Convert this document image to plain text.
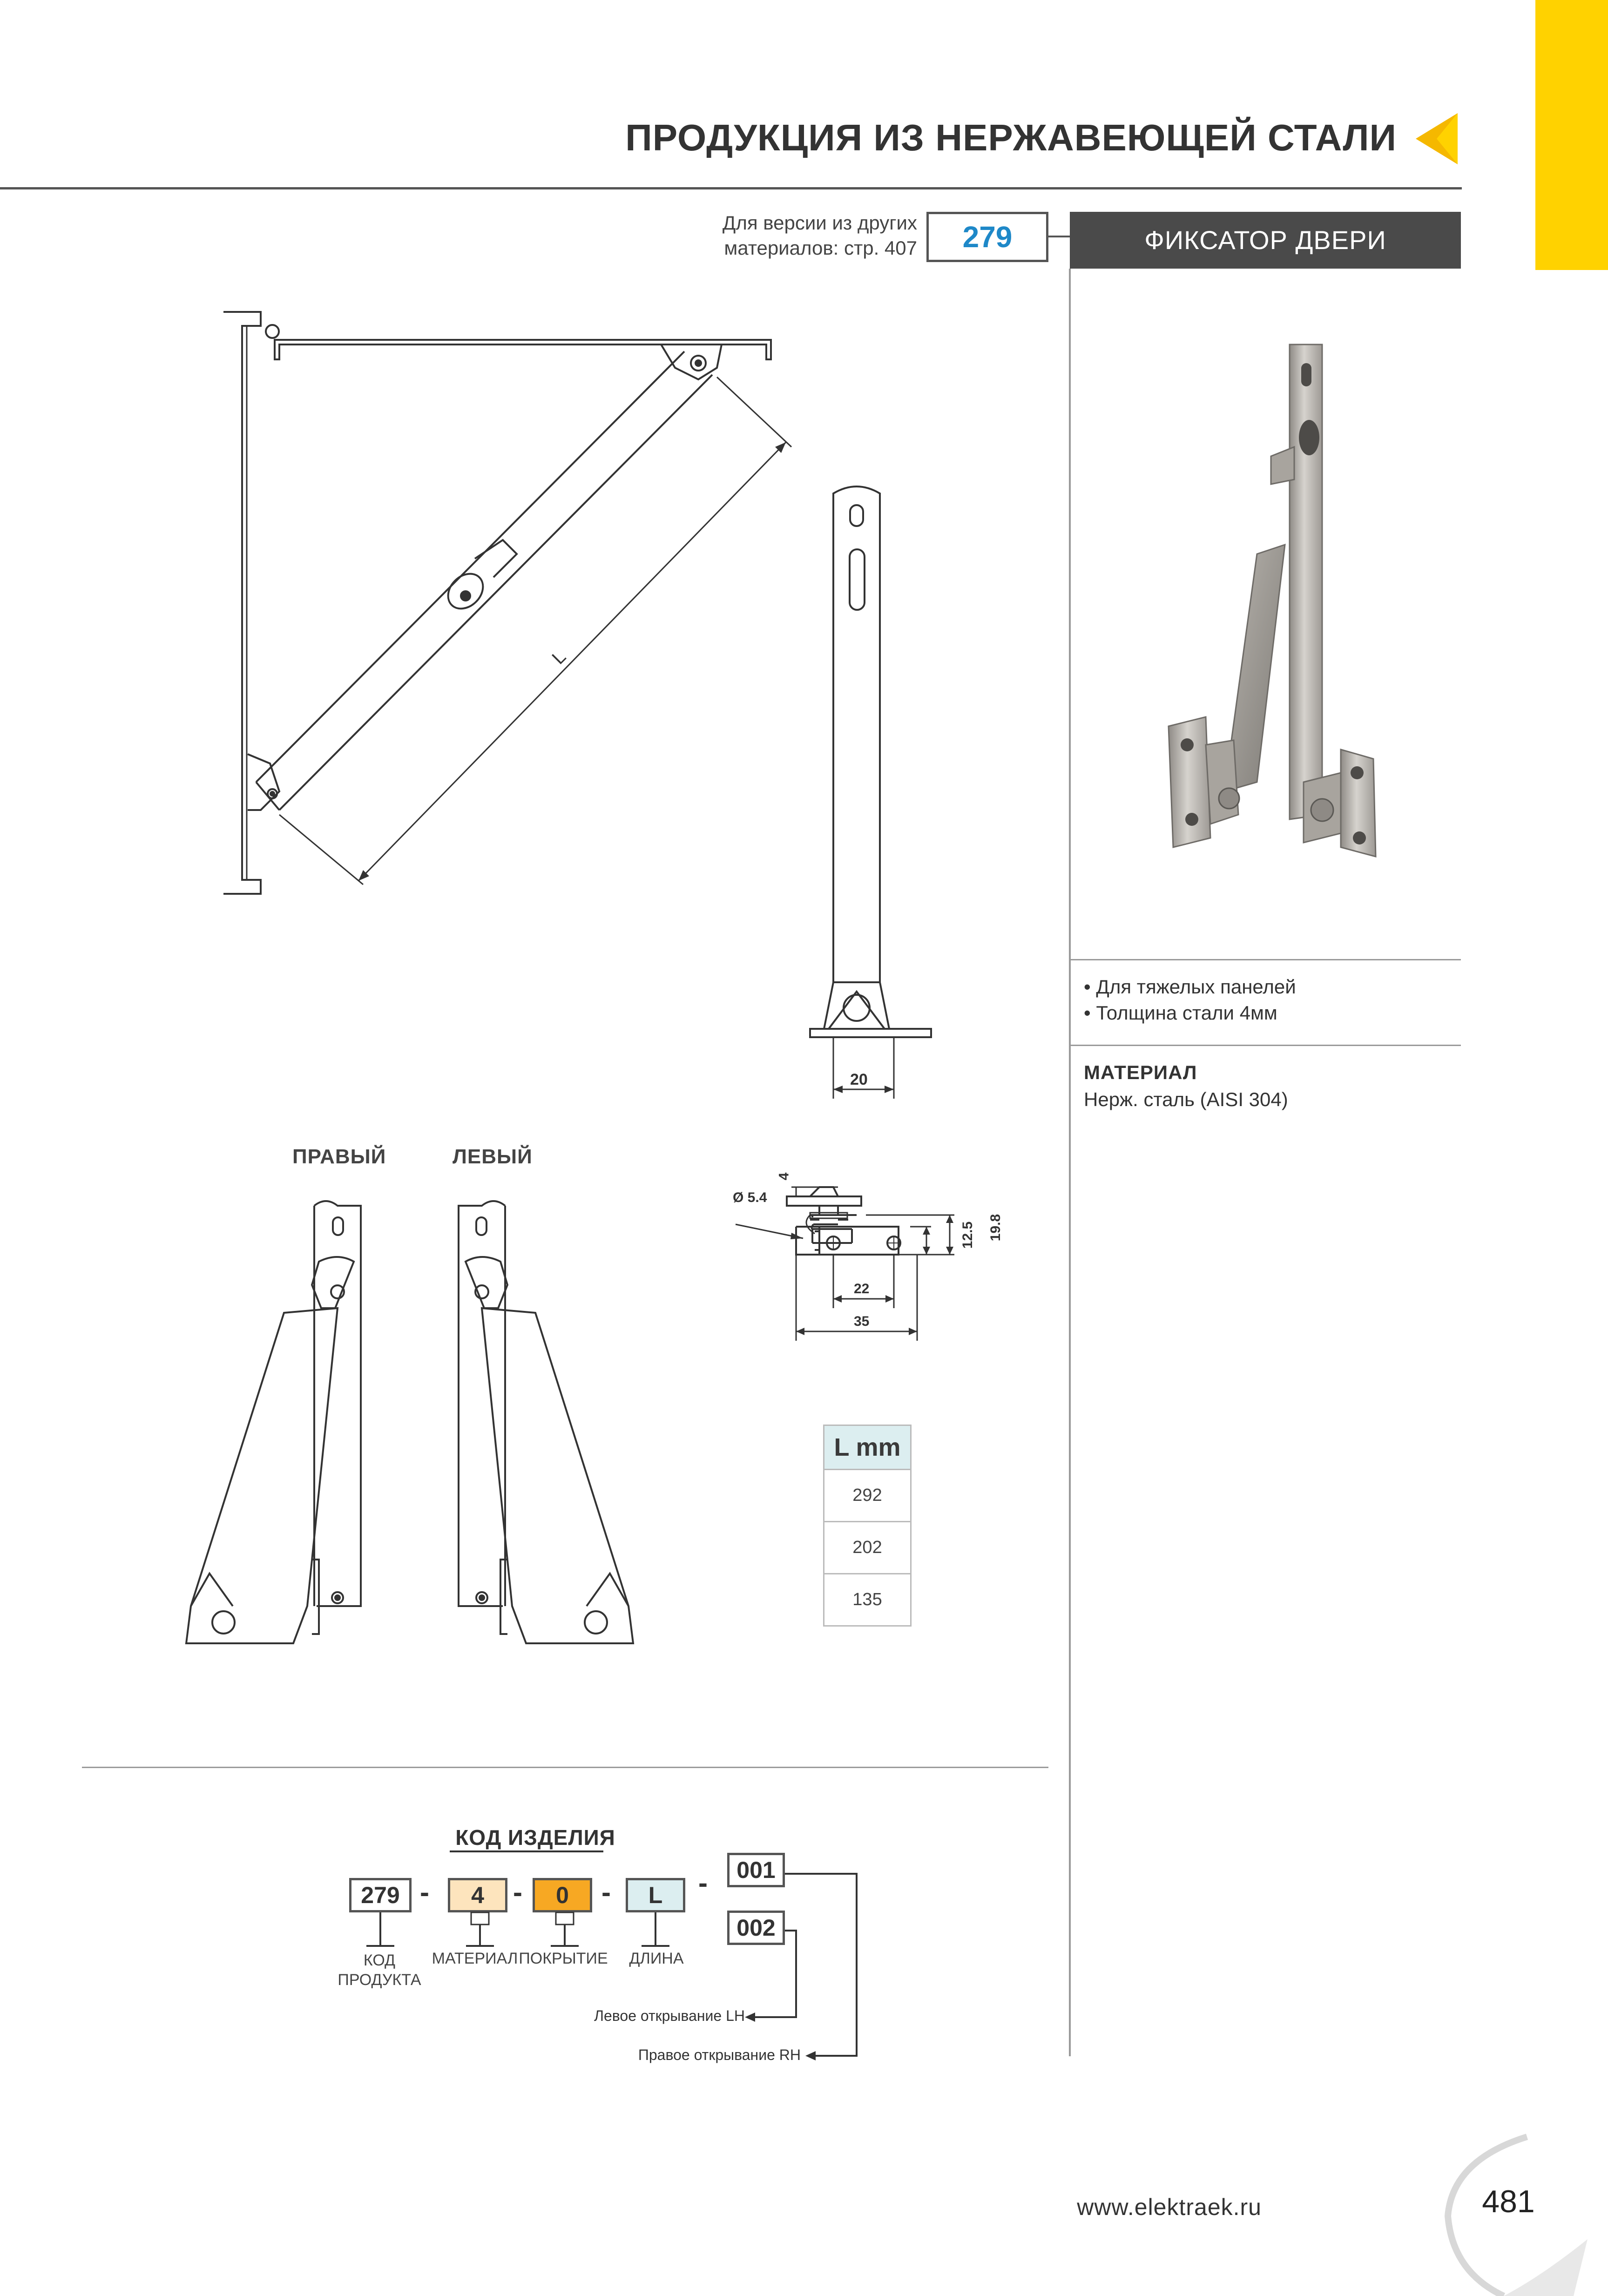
ПРОДУКЦИЯ ИЗ НЕРЖАВЕЮЩЕЙ СТАЛИ
Для версии из других
материалов: стр. 407	279	ФИКСАТОР ДВЕРИ
• Для тяжелых панелей
• Толщина стали 4мм
МАТЕРИАЛ
Нерж. сталь (AISI 304)
L
20
ПРАВЫЙ	ЛЕВЫЙ
Ø 5.4
4
12.5 19.8
22
35
L mm
292
202
135
КОД ИЗДЕЛИЯ
279 -	4	-	0	-	L	-	001
002
КОД
ПРОДУКТА
МАТЕРИАЛ ПОКРЫТИЕ	ДЛИНА
Левое открывание LH
Правое открывание RH
www.elektraek.ru	481
